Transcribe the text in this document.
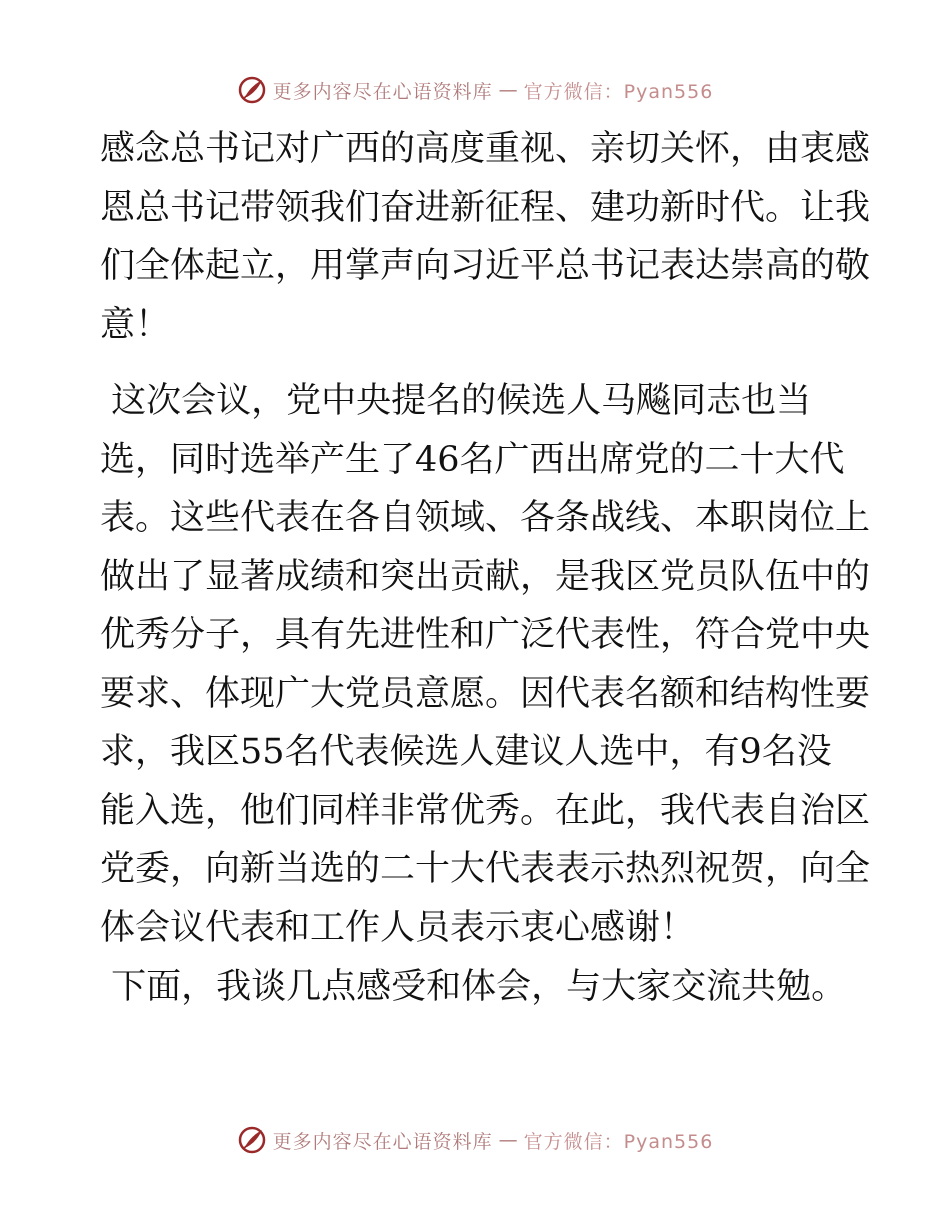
更多内容尽在心语资料库 — 官方微信：Pyan556
感念总书记对广西的高度重视、亲切关怀，由衷感
恩总书记带领我们奋进新征程、建功新时代。让我
们全体起立，用掌声向习近平总书记表达崇高的敬
意！
这次会议，党中央提名的候选人马飚同志也当
选，同时选举产生了46名广西出席党的二十大代
表。这些代表在各自领域、各条战线、本职岗位上
做出了显著成绩和突出贡献，是我区党员队伍中的
优秀分子，具有先进性和广泛代表性，符合党中央
要求、体现广大党员意愿。因代表名额和结构性要
求，我区55名代表候选人建议人选中，有9名没
能入选，他们同样非常优秀。在此，我代表自治区
党委，向新当选的二十大代表表示热烈祝贺，向全
体会议代表和工作人员表示衷心感谢！
下面，我谈几点感受和体会，与大家交流共勉。
更多内容尽在心语资料库 — 官方微信：Pyan556
